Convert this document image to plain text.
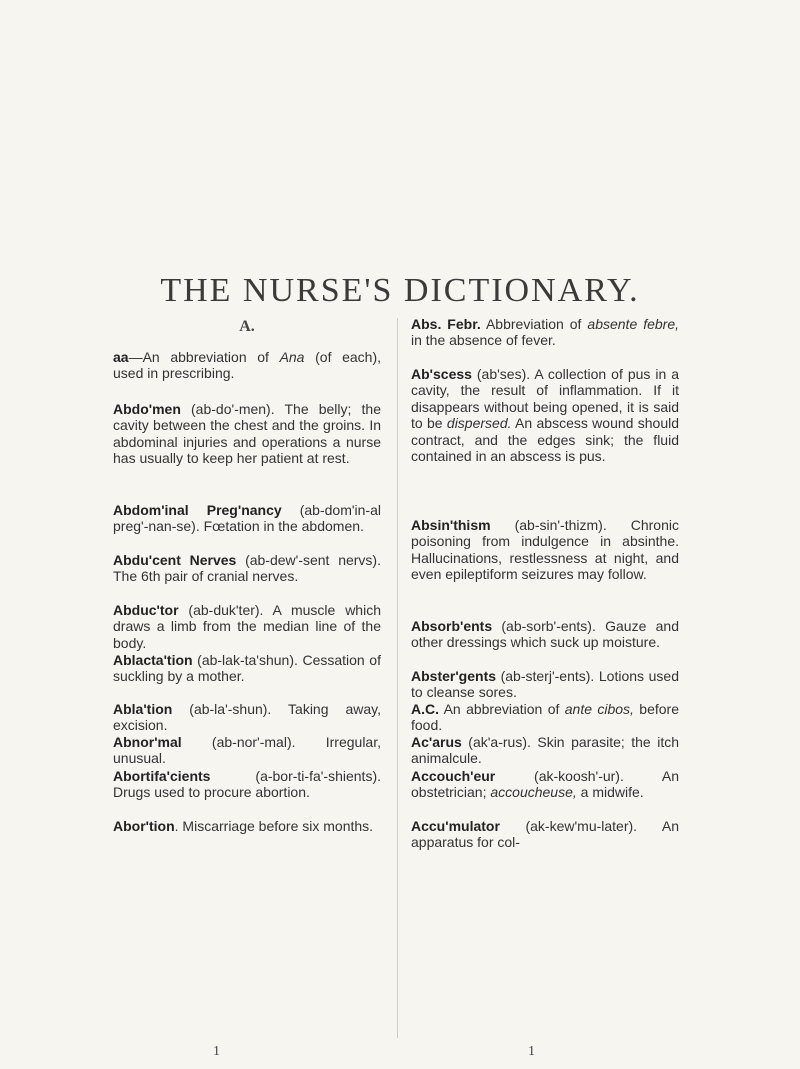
THE NURSE'S DICTIONARY.
A.
aa—An abbreviation of Ana (of each), used in prescribing.
Abdo'men (ab-do'-men). The belly; the cavity between the chest and the groins. In abdominal injuries and operations a nurse has usually to keep her patient at rest.
Abdom'inal Preg'nancy (ab-dom'in-al preg'-nan-se). Fœtation in the abdomen.
Abdu'cent Nerves (ab-dew'-sent nervs). The 6th pair of cranial nerves.
Abduc'tor (ab-duk'ter). A muscle which draws a limb from the median line of the body.
Ablacta'tion (ab-lak-ta'shun). Cessation of suckling by a mother.
Abla'tion (ab-la'-shun). Taking away, excision.
Abnor'mal (ab-nor'-mal). Irregular, unusual.
Abortifa'cients (a-bor-ti-fa'-shients). Drugs used to procure abortion.
Abor'tion. Miscarriage before six months.
Abs. Febr. Abbreviation of absente febre, in the absence of fever.
Ab'scess (ab'ses). A collection of pus in a cavity, the result of inflammation. If it disappears without being opened, it is said to be dispersed. An abscess wound should contract, and the edges sink; the fluid contained in an abscess is pus.
Absin'thism (ab-sin'-thizm). Chronic poisoning from indulgence in absinthe. Hallucinations, restlessness at night, and even epileptiform seizures may follow.
Absorb'ents (ab-sorb'-ents). Gauze and other dressings which suck up moisture.
Abster'gents (ab-sterj'-ents). Lotions used to cleanse sores.
A.C. An abbreviation of ante cibos, before food.
Ac'arus (ak'a-rus). Skin parasite; the itch animalcule.
Accouch'eur (ak-koosh'-ur). An obstetrician; accoucheuse, a midwife.
Accu'mulator (ak-kew'mu-later). An apparatus for col-
1	1
